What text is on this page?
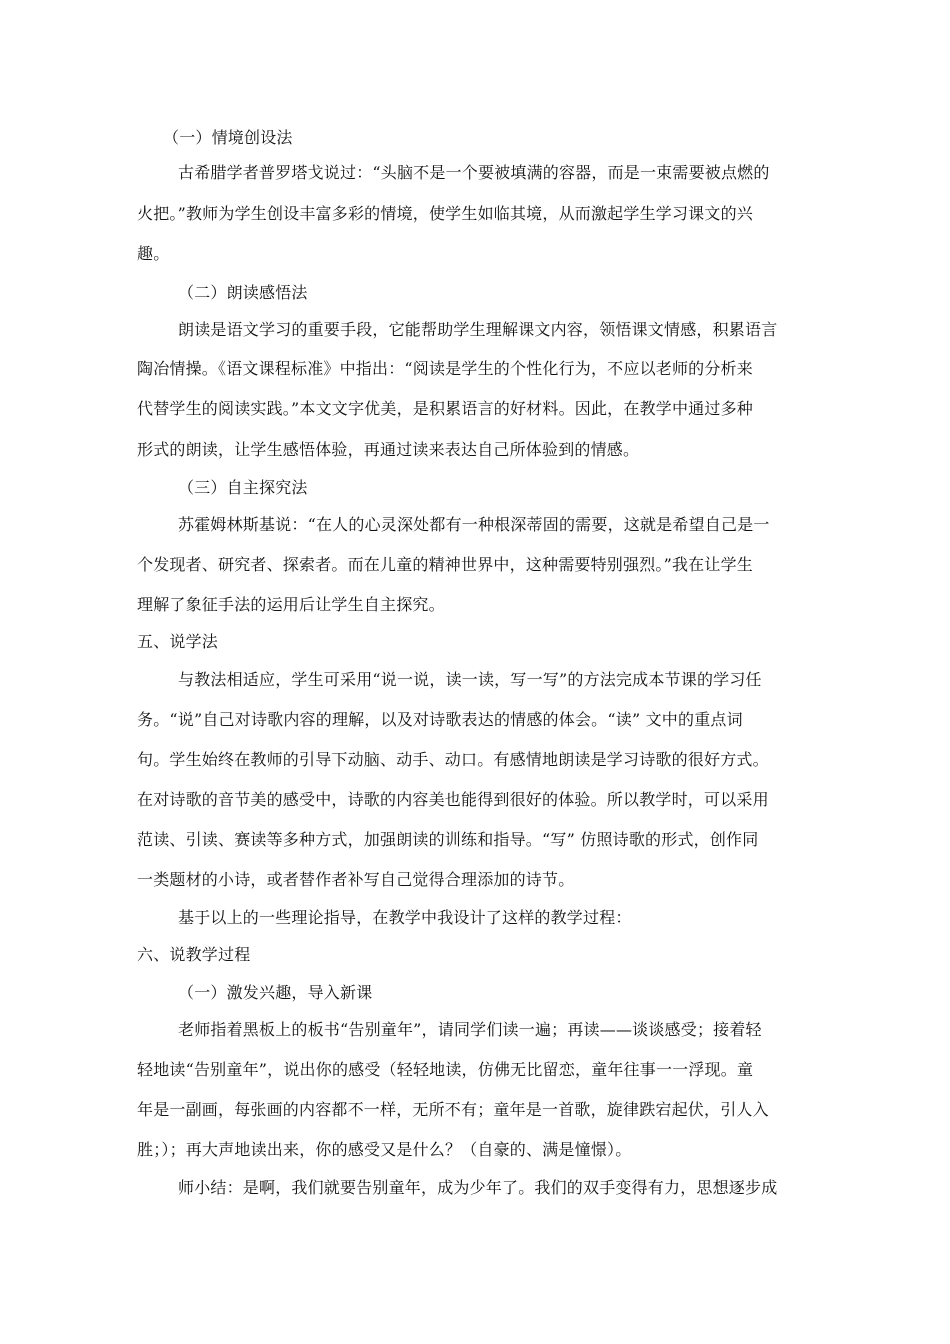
（一）情境创设法
古希腊学者普罗塔戈说过：“头脑不是一个要被填满的容器，而是一束需要被点燃的
火把。”教师为学生创设丰富多彩的情境，使学生如临其境，从而激起学生学习课文的兴
趣。
（二）朗读感悟法
朗读是语文学习的重要手段，它能帮助学生理解课文内容，领悟课文情感，积累语言
陶冶情操。《语文课程标准》中指出：“阅读是学生的个性化行为，不应以老师的分析来
代替学生的阅读实践。”本文文字优美，是积累语言的好材料。因此，在教学中通过多种
形式的朗读，让学生感悟体验，再通过读来表达自己所体验到的情感。
（三）自主探究法
苏霍姆林斯基说：“在人的心灵深处都有一种根深蒂固的需要，这就是希望自己是一
个发现者、研究者、探索者。而在儿童的精神世界中，这种需要特别强烈。”我在让学生
理解了象征手法的运用后让学生自主探究。
五、说学法
与教法相适应，学生可采用“说一说，读一读，写一写”的方法完成本节课的学习任
务。“说”自己对诗歌内容的理解，以及对诗歌表达的情感的体会。“读” 文中的重点词
句。学生始终在教师的引导下动脑、动手、动口。有感情地朗读是学习诗歌的很好方式。
在对诗歌的音节美的感受中，诗歌的内容美也能得到很好的体验。所以教学时，可以采用
范读、引读、赛读等多种方式，加强朗读的训练和指导。“写” 仿照诗歌的形式，创作同
一类题材的小诗，或者替作者补写自己觉得合理添加的诗节。
基于以上的一些理论指导，在教学中我设计了这样的教学过程：
六、说教学过程
（一）激发兴趣，导入新课
老师指着黑板上的板书“告别童年”，请同学们读一遍；再读——谈谈感受；接着轻
轻地读“告别童年”，说出你的感受（轻轻地读，仿佛无比留恋，童年往事一一浮现。童
年是一副画，每张画的内容都不一样，无所不有；童年是一首歌，旋律跌宕起伏，引人入
胜；）；再大声地读出来，你的感受又是什么？（自豪的、满是憧憬）。
师小结：是啊，我们就要告别童年，成为少年了。我们的双手变得有力，思想逐步成
